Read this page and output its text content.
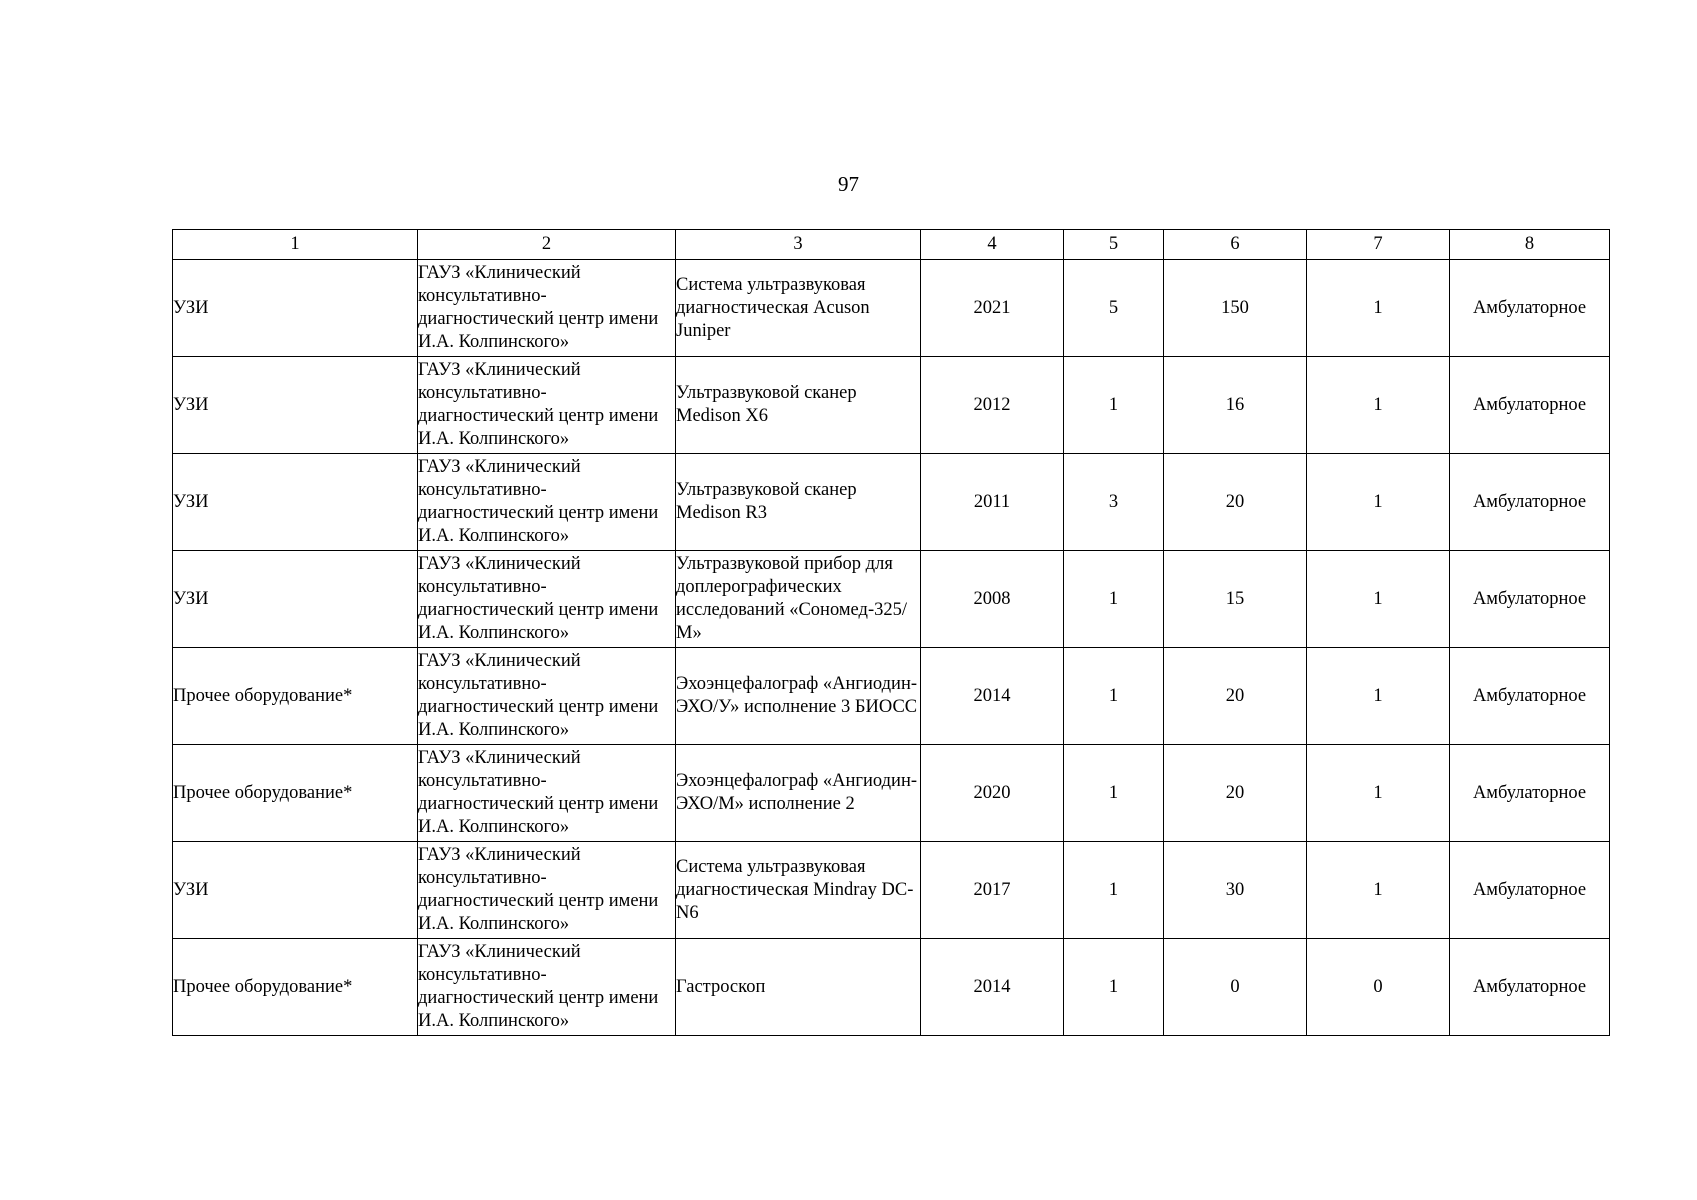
97
1	2	3	4	5	6	7	8
УЗИ	ГАУЗ «Клинический консультативно-диагностический центр имени И.А. Колпинского»	Система ультразвуковая диагностическая Acuson Juniper	2021	5	150	1	Амбулаторное
УЗИ	ГАУЗ «Клинический консультативно-диагностический центр имени И.А. Колпинского»	Ультразвуковой сканер Medison X6	2012	1	16	1	Амбулаторное
УЗИ	ГАУЗ «Клинический консультативно-диагностический центр имени И.А. Колпинского»	Ультразвуковой сканер Medison R3	2011	3	20	1	Амбулаторное
УЗИ	ГАУЗ «Клинический консультативно-диагностический центр имени И.А. Колпинского»	Ультразвуковой прибор для доплерографических исследований «Сономед-325/М»	2008	1	15	1	Амбулаторное
Прочее оборудование*	ГАУЗ «Клинический консультативно-диагностический центр имени И.А. Колпинского»	Эхоэнцефалограф «Ангиодин-ЭХО/У» исполнение 3 БИОСС	2014	1	20	1	Амбулаторное
Прочее оборудование*	ГАУЗ «Клинический консультативно-диагностический центр имени И.А. Колпинского»	Эхоэнцефалограф «Ангиодин-ЭХО/М» исполнение 2	2020	1	20	1	Амбулаторное
УЗИ	ГАУЗ «Клинический консультативно-диагностический центр имени И.А. Колпинского»	Система ультразвуковая диагностическая Mindray DC-N6	2017	1	30	1	Амбулаторное
Прочее оборудование*	ГАУЗ «Клинический консультативно-диагностический центр имени И.А. Колпинского»	Гастроскоп	2014	1	0	0	Амбулаторное
